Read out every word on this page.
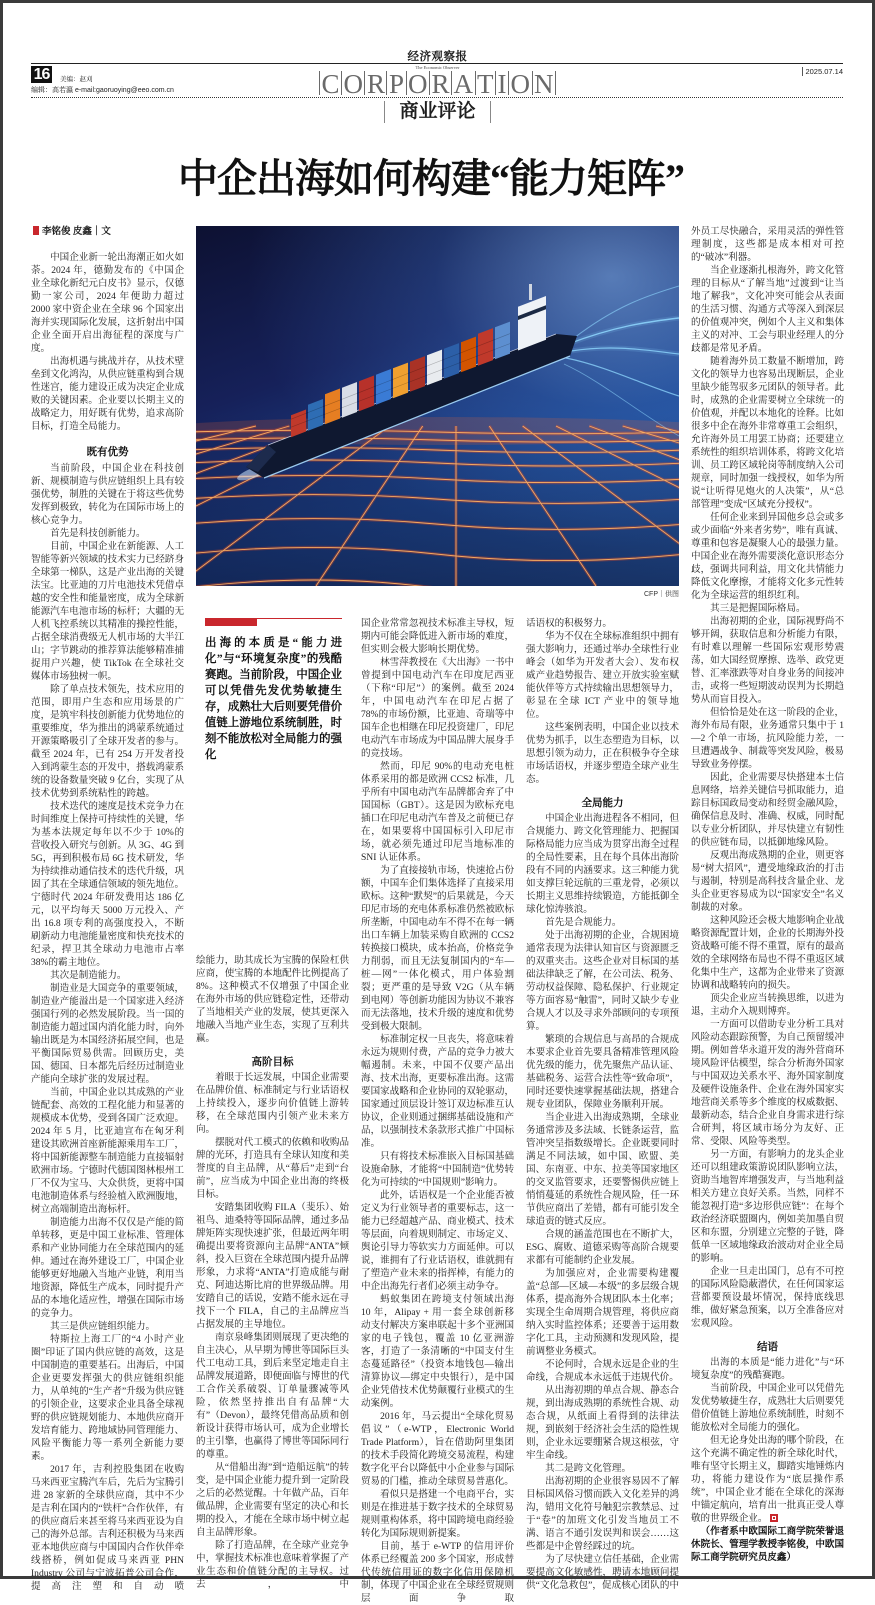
经济观察报
16	美编：赵刈
编辑：高若瀛 e-mail:gaoruoying@eeo.com.cn
The Economic Observer
C O R P O R A T I O N	2025.07.14
商业评论
中企出海如何构建“能力矩阵”
李铭俊 皮鑫｜文
CFP｜供图
出海的本质是“能力进化”与“环境复杂度”的残酷赛跑。当前阶段，中国企业可以凭借先发优势敏捷生存，成熟壮大后则要凭借价值链上游地位系统制胜，时刻不能放松对全局能力的强化

中国企业新一轮出海潮正如火如荼。2024 年，德勤发布的《中国企业全球化新纪元白皮书》显示，仅德勤一家公司，2024 年便助力超过 2000 家中资企业在全球 96 个国家出海并实现国际化发展，这折射出中国企业全面开启出海征程的深度与广度。

出海机遇与挑战并存，从技术壁垒到文化鸿沟，从供应链重构到合规性迷宫，能力建设正成为决定企业成败的关键因素。企业要以长期主义的战略定力，用好既有优势，追求高阶目标，打造全局能力。

既有优势

当前阶段，中国企业在科技创新、规模制造与供应链组织上具有较强优势，制胜的关键在于将这些优势发挥到极致，转化为在国际市场上的核心竞争力。

首先是科技创新能力。

目前，中国企业在新能源、人工智能等新兴领域的技术实力已经跻身全球第一梯队，这是产业出海的关键法宝。比亚迪的刀片电池技术凭借卓越的安全性和能量密度，成为全球新能源汽车电池市场的标杆；大疆的无人机飞控系统以其精准的操控性能，占据全球消费级无人机市场的大半江山；字节跳动的推荐算法能够精准捕捉用户兴趣，使 TikTok 在全球社交媒体市场独树一帜。

除了单点技术领先，技术应用的范围，即用户生态和应用场景的广度，是筑牢科技创新能力优势地位的重要维度，华为推出的鸿蒙系统通过开源策略吸引了全球开发者的参与。截至 2024 年，已有 254 万开发者投入到鸿蒙生态的开发中，搭载鸿蒙系统的设备数量突破 9 亿台，实现了从技术优势到系统粘性的跨越。

技术迭代的速度是技术竞争力在时间维度上保持可持续性的关键，华为基本法规定每年以不少于 10%的营收投入研究与创新。从 3G、4G 到 5G，再到积极布局 6G 技术研发，华为持续推动通信技术的迭代升级，巩固了其在全球通信领域的领先地位。宁德时代 2024 年研发费用达 186 亿元，以平均每天 5000 万元投入、产出 16.8 项专利的高强度投入，不断刷新动力电池能量密度和快充技术的纪录，捍卫其全球动力电池市占率 38%的霸主地位。

其次是制造能力。

制造业是大国竞争的重要领域，制造业产能溢出是一个国家进入经济强国行列的必然发展阶段。当一国的制造能力超过国内消化能力时，向外输出既是为本国经济拓展空间，也是平衡国际贸易供需。回顾历史，美国、德国、日本都先后经历过制造业产能向全球扩张的发展过程。

当前，中国企业以其成熟的产业链配套、高效的工程化能力和显著的规模成本优势，受到各国广泛欢迎。2024 年 5 月，比亚迪宣布在匈牙利建设其欧洲首座新能源乘用车工厂，将中国新能源整车制造能力直接辐射欧洲市场。宁德时代德国图林根州工厂不仅为宝马、大众供货，更将中国电池制造体系与经验植入欧洲腹地，树立高端制造出海标杆。

制造能力出海不仅仅是产能的简单转移，更是中国工业标准、管理体系和产业协同能力在全球范围内的延伸。通过在海外建设工厂，中国企业能够更好地融入当地产业链，利用当地资源，降低生产成本，同时提升产品的本地化适应性，增强在国际市场的竞争力。

其三是供应链组织能力。

特斯拉上海工厂的“4 小时产业圈”印证了国内供应链的高效，这是中国制造的重要基石。出海后，中国企业更要发挥强大的供应链组织能力，从单纯的“生产者”升级为供应链的引领企业，这要求企业具备全球视野的供应链规划能力、本地供应商开发培育能力、跨地域协同管理能力、风险平衡能力等一系列全新能力要素。

2017 年，吉利控股集团在收购马来西亚宝腾汽车后，先后为宝腾引进 28 家新的全球供应商，其中不少是吉利在国内的“铁杆”合作伙伴，有的供应商后来甚至将马来西亚设为自己的海外总部。吉利还积极为马来西亚本地供应商与中国国内合作伙伴牵线搭桥，例如促成马来西亚 PHN Industry 公司与宁波拓普公司合作，提高注塑和自动喷

绘能力，助其成长为宝腾的保险杠供应商，使宝腾的本地配件比例提高了 8%。这种模式不仅增强了中国企业在海外市场的供应链稳定性，还带动了当地相关产业的发展，使其更深入地融入当地产业生态，实现了互利共赢。

高阶目标

着眼于长远发展，中国企业需要在品牌价值、标准制定与行业话语权上持续投入，逐步向价值链上游转移，在全球范围内引领产业未来方向。

摆脱对代工模式的依赖和收购品牌的光环，打造具有全球认知度和美誉度的自主品牌，从“幕后”走到“台前”，应当成为中国企业出海的终极目标。

安踏集团收购 FILA（斐乐）、始祖鸟、迪桑特等国际品牌，通过多品牌矩阵实现快速扩张，但最近两年明确提出要将资源向主品牌“ANTA”倾斜，投入巨资在全球范围内提升品牌形象，力求将“ANTA”打造成能与耐克、阿迪达斯比肩的世界级品牌。用安踏自己的话说，安踏不能永远在寻找下一个 FILA，自己的主品牌应当占据发展的主导地位。

南京泉峰集团则展现了更决绝的自主决心，从早期为博世等国际巨头代工电动工具，到后来坚定地走自主品牌发展道路，即便面临与博世的代工合作关系破裂、订单量骤减等风险，依然坚持推出自有品牌“大有”（Devon），最终凭借高品质和创新设计获得市场认可，成为企业增长的主引擎，也赢得了博世等国际同行的尊重。

从“借船出海”到“造船远航”的转变，是中国企业能力提升到一定阶段之后的必然觉醒。十年做产品，百年做品牌，企业需要有坚定的决心和长期的投入，才能在全球市场中树立起自主品牌形象。

除了打造品牌，在全球产业竞争中，掌握技术标准也意味着掌握了产业生态和价值链分配的主导权。过去，中

国企业常常忽视技术标准主导权，短期内可能会降低进入新市场的难度，但实则会极大影响长期优势。

林雪萍教授在《大出海》一书中曾提到中国电动汽车在印度尼西亚（下称“印尼”）的案例。截至 2024 年，中国电动汽车在印尼占据了 78%的市场份额，比亚迪、奇瑞等中国车企也相继在印尼投资建厂，印尼电动汽车市场成为中国品牌大展身手的竞技场。

然而，印尼 90%的电动充电桩体系采用的都是欧洲 CCS2 标准，几乎所有中国电动汽车品牌都舍弃了中国国标（GBT）。这是因为欧标充电插口在印尼电动汽车普及之前便已存在，如果要将中国国标引入印尼市场，就必须先通过印尼当地标准的 SNI 认证体系。

为了直接接轨市场，快速抢占份额，中国车企们集体选择了直接采用欧标。这种“默契”的后果就是，今天印尼市场的充电体系标准仍然被欧标所垄断，中国电动车不得不在每一辆出口车辆上加装采购自欧洲的 CCS2 转换接口模块，成本抬高，价格竞争力削弱，而且无法复制国内的“车—桩—网”一体化模式，用户体验割裂；更严重的是导致 V2G（从车辆到电网）等创新功能因为协议不兼容而无法落地，技术升级的速度和优势受到极大限制。

标准制定权一旦丧失，将意味着永远为规则付费，产品的竞争力被大幅遏制。未来，中国不仅要产品出海、技术出海，更要标准出海。这需要国家战略和企业协同的双轮驱动，国家通过顶层设计签订双边标准互认协议，企业则通过捆绑基础设施和产品，以强制技术条款形式推广中国标准。

只有将技术标准嵌入目标国基础设施命脉，才能将“中国制造”优势转化为可持续的“中国规则”影响力。

此外，话语权是一个企业能否被定义为行业领导者的重要标志，这一能力已经超越产品、商业模式、技术等层面，向着规则制定、市场定义、舆论引导力等软实力方面延伸。可以说，谁拥有了行业话语权，谁就拥有了塑造产业未来的指挥棒，有能力的中企出海先行者们必须主动争夺。

蚂蚁集团在跨境支付领域出海 10 年，Alipay + 用一套全球创新移动支付解决方案串联起十多个亚洲国家的电子钱包，覆盖 10 亿亚洲游客，打造了一条清晰的“中国支付生态蔓延路径”（投资本地钱包—输出清算协议—绑定中央银行），是中国企业凭借技术优势颠覆行业模式的生动案例。

2016 年，马云提出“全球化贸易倡议”（e-WTP，Electronic World Trade Platform），旨在借助阿里集团的技术手段简化跨境交易流程，构建数字化平台以降低中小企业参与国际贸易的门槛，推动全球贸易普惠化。

看似只是搭建一个电商平台，实则是在推进基于数字技术的全球贸易规则重构体系，将中国跨境电商经验转化为国际规则新提案。

目前，基于 e-WTP 的信用评价体系已经覆盖 200 多个国家，形成替代传统信用证的数字化信用保障机制，体现了中国企业在全球经贸规则层面争取

话语权的积极努力。

华为不仅在全球标准组织中拥有强大影响力，还通过举办全球性行业峰会（如华为开发者大会）、发布权威产业趋势报告、建立开放实验室赋能伙伴等方式持续输出思想领导力，彰显在全球 ICT 产业中的领导地位。

这些案例表明，中国企业以技术优势为抓手，以生态塑造为目标，以思想引领为动力，正在积极争夺全球市场话语权，并逐步塑造全球产业生态。

全局能力

中国企业出海进程各不相同，但合规能力、跨文化管理能力、把握国际格局能力应当成为贯穿出海全过程的全局性要素，且在每个具体出海阶段有不同的内涵要求。这三种能力犹如支撑巨轮远航的三重龙骨，必须以长期主义思维持续锻造，方能抵御全球化惊涛骇浪。

首先是合规能力。

处于出海初期的企业，合规困境通常表现为法律认知盲区与资源匮乏的双重夹击。这些企业对目标国的基础法律缺乏了解，在公司法、税务、劳动权益保障、隐私保护、行业规定等方面容易“触雷”，同时又缺少专业合规人才以及寻求外部顾问的专项预算。

繁琐的合规信息与高昂的合规成本要求企业首先要具备精准管理风险优先级的能力，优先聚焦产品认证、基础税务、运营合法性等“致命项”，同时还要快速掌握基础法规，搭建合规专业团队，保障业务顺利开展。

当企业进入出海成熟期，全球业务通常涉及多法域、长链条运营，监管冲突呈指数级增长。企业既要同时满足不同法域，如中国、欧盟、美国、东南亚、中东、拉美等国家地区的交叉监管要求，还要警惕供应链上悄悄蔓延的系统性合规风险，任一环节供应商出了差错，都有可能引发全球追责的链式反应。

合规的涵盖范围也在不断扩大，ESG、腐败、道德采购等高阶合规要求都有可能制约企业发展。

为加强应对，企业需要构建覆盖“总部—区域—本级”的多层级合规体系，提高海外合规团队本土化率；实现全生命周期合规管理，将供应商纳入实时监控体系；还要善于运用数字化工具，主动预测和发现风险，提前调整业务模式。

不论何时，合规永远是企业的生命线，合规成本永远低于违规代价。

从出海初期的单点合规、静态合规，到出海成熟期的系统性合规、动态合规，从纸面上看得到的法律法规，到嵌刻于经济社会生活的隐性规则，企业永远要绷紧合规这根弦，守牢生命线。

其二是跨文化管理。

出海初期的企业很容易因不了解目标国风俗习惯而跌入文化差异的鸿沟，错用文化符号触犯宗教禁忌、过于“卷”的加班文化引发当地员工不满、语言不通引发误判和误会……这些都是中企曾经踩过的坑。

为了尽快建立信任基础，企业需要提高文化敏感性，聘请本地顾问提供“文化急救包”，促成核心团队的中

外员工尽快融合，采用灵活的弹性管理制度，这些都是成本相对可控的“破冰”利器。

当企业逐渐扎根海外，跨文化管理的目标从“了解当地”过渡到“让当地了解我”，文化冲突可能会从表面的生活习惯、沟通方式等深入到深层的价值观冲突，例如个人主义和集体主义的对冲、工会与职业经理人的分歧都是常见矛盾。

随着海外员工数量不断增加，跨文化的领导力也容易出现断层，企业里缺少能驾驭多元团队的领导者。此时，成熟的企业需要树立全球统一的价值观，并配以本地化的诠释。比如很多中企在海外非常尊重工会组织，允许海外员工用罢工协商；还要建立系统性的组织培训体系，将跨文化培训、员工跨区域轮岗等制度纳入公司规章，同时加强一线授权，如华为所说“让听得见炮火的人决策”，从“总部管理”变成“区域充分授权”。

任何企业来到异国他乡总会或多或少面临“外来者劣势”，唯有真诚、尊重和包容是凝聚人心的最强力量。中国企业在海外需要淡化意识形态分歧，强调共同利益，用文化共情能力降低文化摩擦，才能将文化多元性转化为全球运营的组织红利。

其三是把握国际格局。

出海初期的企业，国际视野尚不够开阔，获取信息和分析能力有限，有时难以理解一些国际宏观形势震荡，如大国经贸摩擦、选举、政党更替、汇率涨跌等对自身业务的间接冲击，或将一些短期波动误判为长期趋势从而盲目投入。

但恰恰是处在这一阶段的企业，海外布局有限，业务通常只集中于 1—2 个单一市场，抗风险能力差，一旦遭遇战争、制裁等突发风险，极易导致业务停摆。

因此，企业需要尽快搭建本土信息网络，培养关键信号抓取能力，追踪目标国政局变动和经贸金融风险，确保信息及时、准确、权威，同时配以专业分析团队，并尽快建立有韧性的供应链布局，以抵御地缘风险。

反观出海成熟期的企业，则更容易“树大招风”，遭受地缘政治的打击与遏制，特别是高科技含量企业、龙头企业更容易成为以“国家安全”名义制裁的对象。

这种风险还会极大地影响企业战略资源配置计划，企业的长期海外投资战略可能不得不重置，原有的最高效的全球网络布局也不得不重返区域化集中生产，这都为企业带来了资源协调和战略转向的损失。

顶尖企业应当转换思维，以进为退，主动介入规则博弈。

一方面可以借助专业分析工具对风险动态跟踪预警，为自己预留缓冲期。例如普华永道开发的海外营商环境风险评估模型，综合分析海外国家与中国双边关系水平、海外国家制度及硬件设施条件、企业在海外国家实地营商关系等多个维度的权威数据、最新动态，结合企业自身需求进行综合研判，将区域市场分为友好、正常、受限、风险等类型。

另一方面，有影响力的龙头企业还可以组建政策游说团队影响立法，资助当地智库增强发声，与当地利益相关方建立良好关系。当然，同样不能忽视打造“多边形供应链”：在每个政治经济联盟圈内，例如美加墨自贸区和东盟，分别建立完整的子链，降低单一区域地缘政治波动对企业全局的影响。

企业一旦走出国门，总有不可控的国际风险隐蔽潜伏，在任何国家运营都要预设最坏情况，保持底线思维，做好紧急预案，以万全准备应对宏观风险。

结语

出海的本质是“能力进化”与“环境复杂度”的残酷赛跑。

当前阶段，中国企业可以凭借先发优势敏捷生存，成熟壮大后则要凭借价值链上游地位系统制胜，时刻不能放松对全局能力的强化。

但无论身处出海的哪个阶段，在这个充满不确定性的新全球化时代，唯有坚守长期主义，脚踏实地锤炼内功，将能力建设作为“底层操作系统”，中国企业才能在全球化的深海中锚定航向，培育出一批真正受人尊敬的世界级企业。

（作者系中欧国际工商学院荣誉退休院长、管理学教授李铭俊，中欧国际工商学院研究员皮鑫）
